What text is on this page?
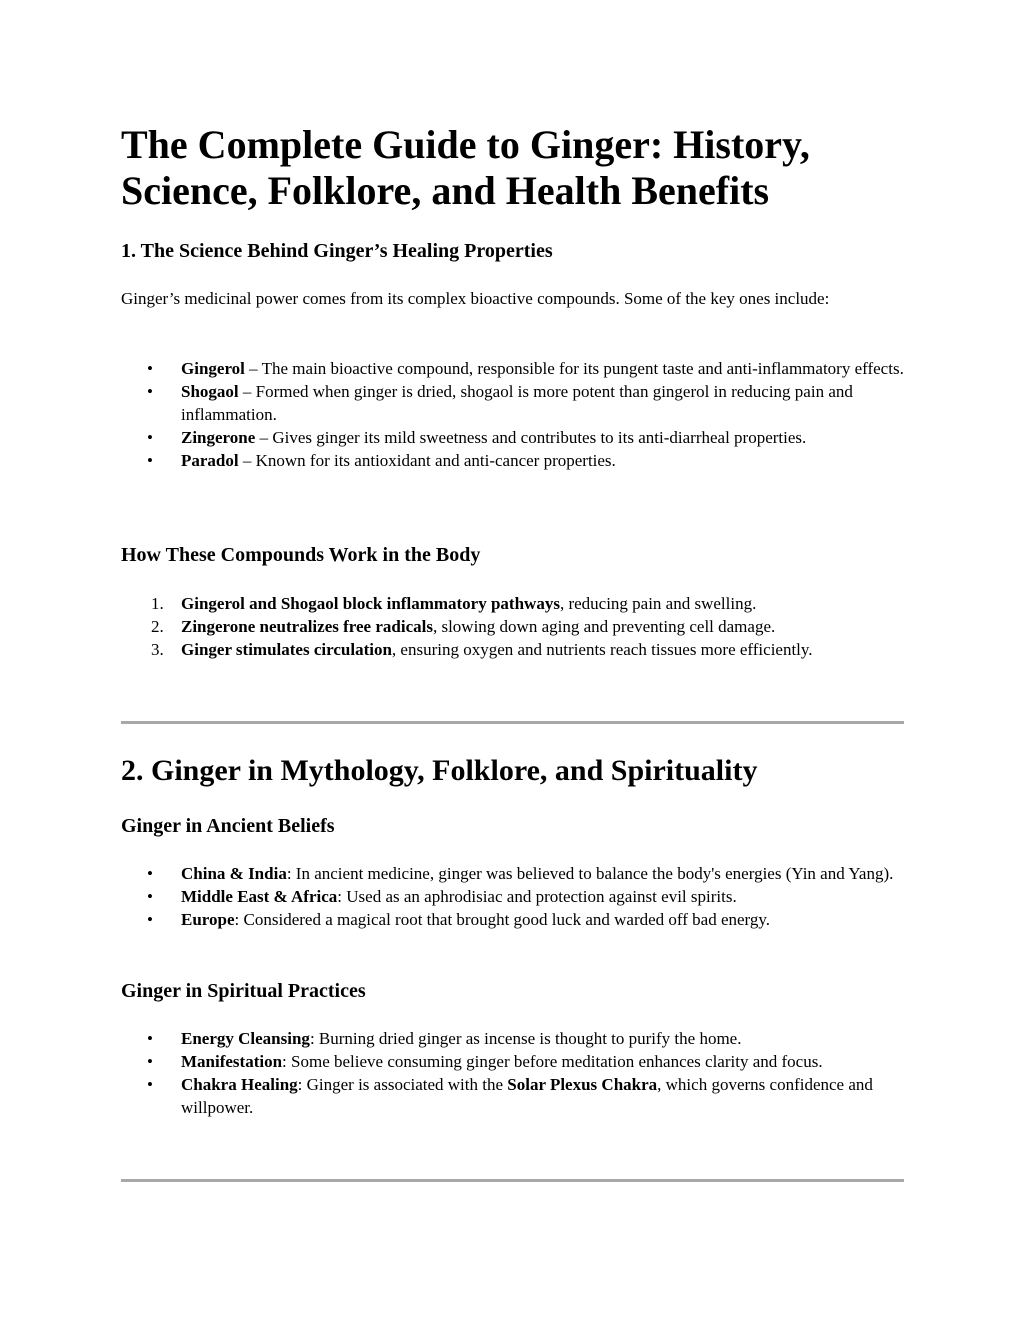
The Complete Guide to Ginger: History, Science, Folklore, and Health Benefits
1. The Science Behind Ginger’s Healing Properties

Ginger’s medicinal power comes from its complex bioactive compounds. Some of the key ones include:

• Gingerol – The main bioactive compound, responsible for its pungent taste and anti-inflammatory effects.
• Shogaol – Formed when ginger is dried, shogaol is more potent than gingerol in reducing pain and inflammation.
• Zingerone – Gives ginger its mild sweetness and contributes to its anti-diarrheal properties.
• Paradol – Known for its antioxidant and anti-cancer properties.
How These Compounds Work in the Body
1. Gingerol and Shogaol block inflammatory pathways, reducing pain and swelling.
2. Zingerone neutralizes free radicals, slowing down aging and preventing cell damage.
3. Ginger stimulates circulation, ensuring oxygen and nutrients reach tissues more efficiently.
2. Ginger in Mythology, Folklore, and Spirituality
Ginger in Ancient Beliefs
• China & India: In ancient medicine, ginger was believed to balance the body's energies (Yin and Yang).
• Middle East & Africa: Used as an aphrodisiac and protection against evil spirits.
• Europe: Considered a magical root that brought good luck and warded off bad energy.
Ginger in Spiritual Practices
• Energy Cleansing: Burning dried ginger as incense is thought to purify the home.
• Manifestation: Some believe consuming ginger before meditation enhances clarity and focus.
• Chakra Healing: Ginger is associated with the Solar Plexus Chakra, which governs confidence and willpower.
